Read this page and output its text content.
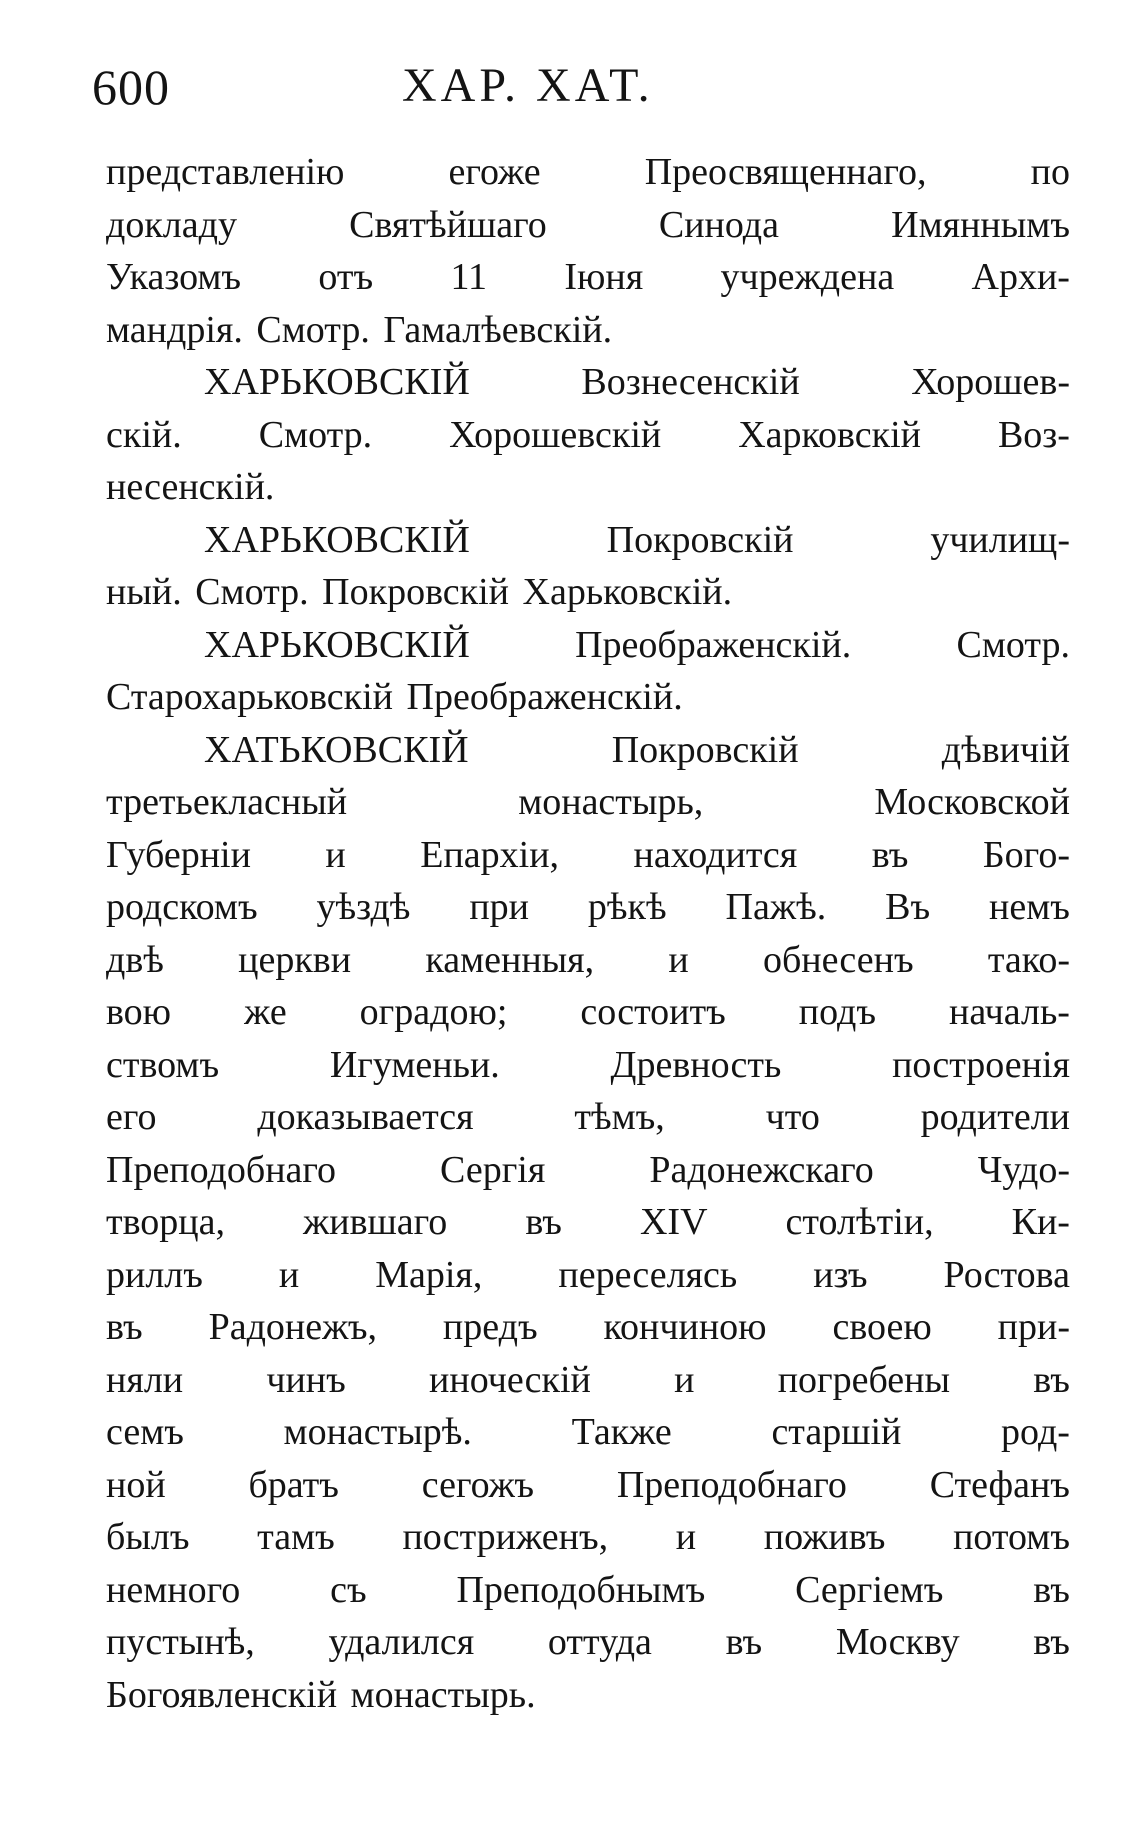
600	ХАР. ХАТ.
представленію	егоже	Преосвященнаго,	по
докладу	Святѣйшаго	Синода	Имяннымъ
Указомъ отъ 11 Іюня учреждена Архи-
мандрія. Смотр. Гамалѣевскій.
ХАРЬКОВСКІЙ	Вознесенскій	Хорошев-
скій. Смотр. Хорошевскій Харковскій Воз-
несенскій.
ХАРЬКОВСКІЙ	Покровскій	училищ-
ный. Смотр. Покровскій Харьковскій.
ХАРЬКОВСКІЙ	Преображенскій.	Смотр.
Старохарьковскій Преображенскій.
ХАТЬКОВСКІЙ	Покровскій	дѣвичій
третьекласный	монастырь,	Московской
Губерніи и Епархіи, находится въ Бого-
родскомъ уѣздѣ при рѣкѣ Пажѣ. Въ немъ
двѣ церкви каменныя, и обнесенъ тако-
вою же оградою; состоитъ подъ началь-
ствомъ	Игуменьи.	Древность	построенія
его	доказывается	тѣмъ,	что	родители
Преподобнаго	Сергія	Радонежскаго	Чудо-
творца, жившаго въ XIV столѣтіи, Ки-
риллъ и Марія, переселясь изъ Ростова
въ Радонежъ, предъ кончиною своею при-
няли чинъ иноческій и погребены въ
семъ	монастырѣ.	Также	старшій	род-
ной братъ сегожъ Преподобнаго Стефанъ
былъ тамъ постриженъ, и поживъ потомъ
немного съ Преподобнымъ Сергіемъ въ
пустынѣ, удалился оттуда въ Москву въ
Богоявленскій монастырь.
